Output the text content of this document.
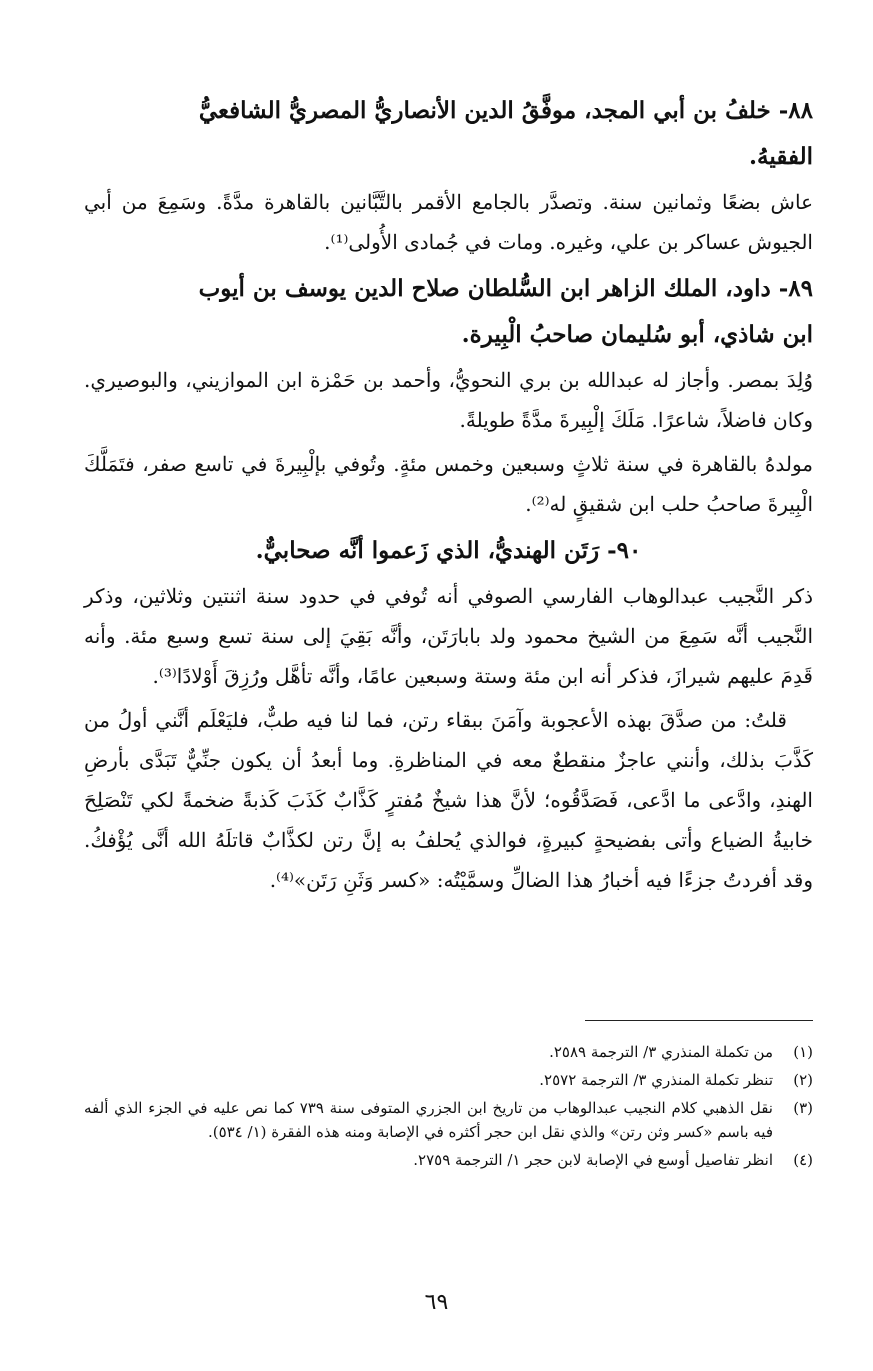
٨٨- خلفُ بن أبي المجد، موفَّقُ الدين الأنصاريُّ المصريُّ الشافعيُّ

الفقيهُ.

عاش بضعًا وثمانين سنة. وتصدَّر بالجامع الأقمر بالتَّبَّانين بالقاهرة مدَّةً. وسَمِعَ من أبي الجيوش عساكر بن علي، وغيره. ومات في جُمادى الأُولى⁽¹⁾.

٨٩- داود، الملك الزاهر ابن السُّلطان صلاح الدين يوسف بن أيوب

ابن شاذي، أبو سُليمان صاحبُ الْبِيرة.

وُلِدَ بمصر. وأجاز له عبدالله بن بري النحويُّ، وأحمد بن حَمْزة ابن الموازيني، والبوصيري. وكان فاضلاً، شاعرًا. مَلَكَ إلْبِيرةَ مدَّةً طويلةً.

مولدهُ بالقاهرة في سنة ثلاثٍ وسبعين وخمس مئةٍ. وتُوفي بإلْبِيرةَ في تاسع صفر، فتَمَلَّكَ الْبِيرةَ صاحبُ حلب ابن شقيقٍ له⁽²⁾.

٩٠- رَتَن الهنديُّ، الذي زَعموا أنَّه صحابيٌّ.

ذكر النَّجيب عبدالوهاب الفارسي الصوفي أنه تُوفي في حدود سنة اثنتين وثلاثين، وذكر النَّجيب أنَّه سَمِعَ من الشيخ محمود ولد بابارَتَن، وأنَّه بَقِيَ إلى سنة تسع وسبع مئة. وأنه قَدِمَ عليهم شيرازَ، فذكر أنه ابن مئة وستة وسبعين عامًا، وأنَّه تأهَّل ورُزِقَ أَوْلادًا⁽³⁾.

قلتُ: من صدَّقَ بهذه الأعجوبة وآمَنَ ببقاء رتن، فما لنا فيه طبٌّ، فليَعْلَم أنَّني أولُ من كَذَّبَ بذلك، وأنني عاجزٌ منقطعٌ معه في المناظرةِ. وما أبعدُ أن يكون جنِّيٌّ تَبَدَّى بأرضِ الهندِ، وادَّعى ما ادَّعى، فَصَدَّقُوه؛ لأنَّ هذا شيخٌ مُفترٍ كَذَّابٌ كَذَبَ كَذبةً ضخمةً لكي تَنْصَلِحَ خابيةُ الضياع وأتى بفضيحةٍ كبيرةٍ، فوالذي يُحلفُ به إنَّ رتن لكذَّابٌ قاتلَهُ الله أنَّى يُؤْفكُ. وقد أفردتُ جزءًا فيه أخبارُ هذا الضالِّ وسمَّيْتُه: «كسر وَثَنِ رَتَن»⁽⁴⁾.

(١)
من تكملة المنذري ٣/ الترجمة ٢٥٨٩.
(٢)
تنظر تكملة المنذري ٣/ الترجمة ٢٥٧٢.
(٣)
نقل الذهبي كلام النجيب عبدالوهاب من تاريخ ابن الجزري المتوفى سنة ٧٣٩ كما نص عليه في الجزء الذي ألفه فيه باسم «كسر وثن رتن» والذي نقل ابن حجر أكثره في الإصابة ومنه هذه الفقرة (١/ ٥٣٤).
(٤)
انظر تفاصيل أوسع في الإصابة لابن حجر ١/ الترجمة ٢٧٥٩.
٦٩
